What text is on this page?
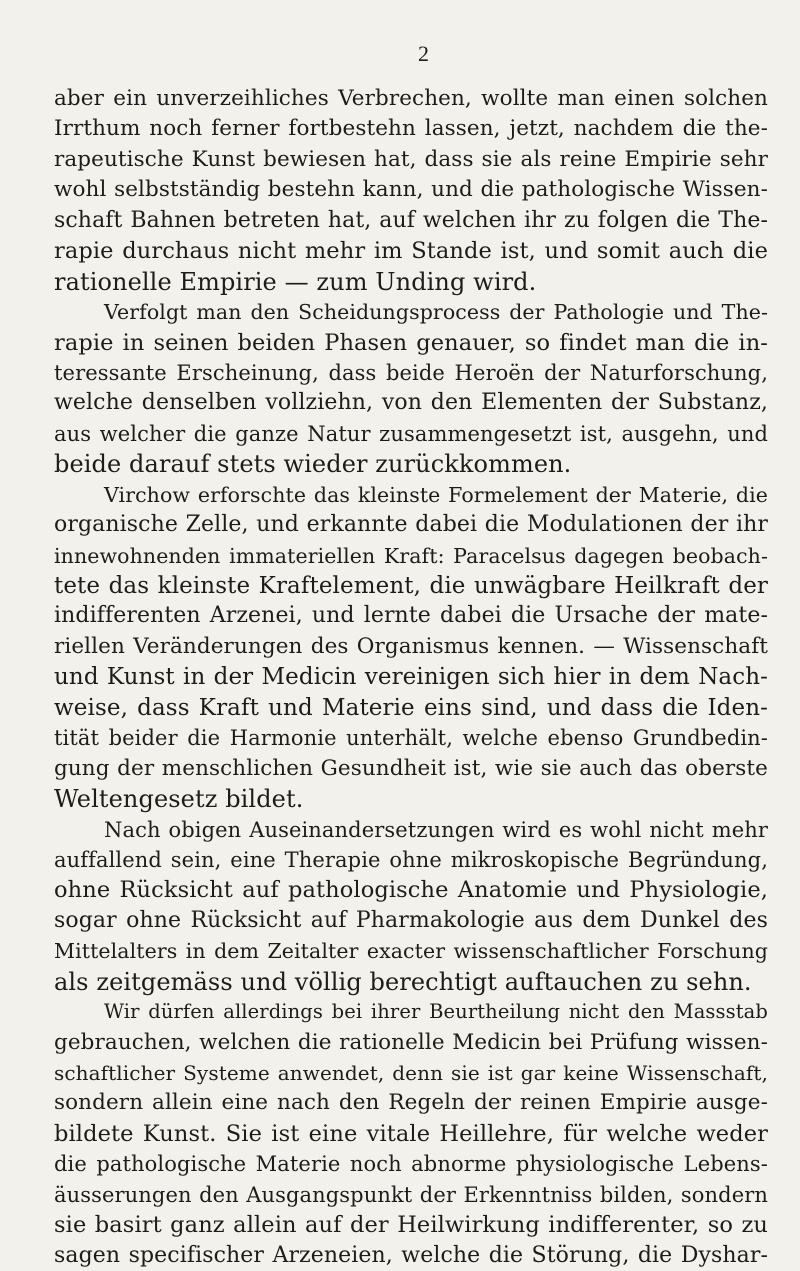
2
aber ein unverzeihliches Verbrechen, wollte man einen solchen
Irrthum noch ferner fortbestehn lassen, jetzt, nachdem die the-
rapeutische Kunst bewiesen hat, dass sie als reine Empirie sehr
wohl selbstständig bestehn kann, und die pathologische Wissen-
schaft Bahnen betreten hat, auf welchen ihr zu folgen die The-
rapie durchaus nicht mehr im Stande ist, und somit auch die
rationelle Empirie — zum Unding wird.
Verfolgt man den Scheidungsprocess der Pathologie und The-
rapie in seinen beiden Phasen genauer, so findet man die in-
teressante Erscheinung, dass beide Heroën der Naturforschung,
welche denselben vollziehn, von den Elementen der Substanz,
aus welcher die ganze Natur zusammengesetzt ist, ausgehn, und
beide darauf stets wieder zurückkommen.
Virchow erforschte das kleinste Formelement der Materie, die
organische Zelle, und erkannte dabei die Modulationen der ihr
innewohnenden immateriellen Kraft: Paracelsus dagegen beobach-
tete das kleinste Kraftelement, die unwägbare Heilkraft der
indifferenten Arzenei, und lernte dabei die Ursache der mate-
riellen Veränderungen des Organismus kennen. — Wissenschaft
und Kunst in der Medicin vereinigen sich hier in dem Nach-
weise, dass Kraft und Materie eins sind, und dass die Iden-
tität beider die Harmonie unterhält, welche ebenso Grundbedin-
gung der menschlichen Gesundheit ist, wie sie auch das oberste
Weltengesetz bildet.
Nach obigen Auseinandersetzungen wird es wohl nicht mehr
auffallend sein, eine Therapie ohne mikroskopische Begründung,
ohne Rücksicht auf pathologische Anatomie und Physiologie,
sogar ohne Rücksicht auf Pharmakologie aus dem Dunkel des
Mittelalters in dem Zeitalter exacter wissenschaftlicher Forschung
als zeitgemäss und völlig berechtigt auftauchen zu sehn.
Wir dürfen allerdings bei ihrer Beurtheilung nicht den Massstab
gebrauchen, welchen die rationelle Medicin bei Prüfung wissen-
schaftlicher Systeme anwendet, denn sie ist gar keine Wissenschaft,
sondern allein eine nach den Regeln der reinen Empirie ausge-
bildete Kunst. Sie ist eine vitale Heillehre, für welche weder
die pathologische Materie noch abnorme physiologische Lebens-
äusserungen den Ausgangspunkt der Erkenntniss bilden, sondern
sie basirt ganz allein auf der Heilwirkung indifferenter, so zu
sagen specifischer Arzeneien, welche die Störung, die Dyshar-
